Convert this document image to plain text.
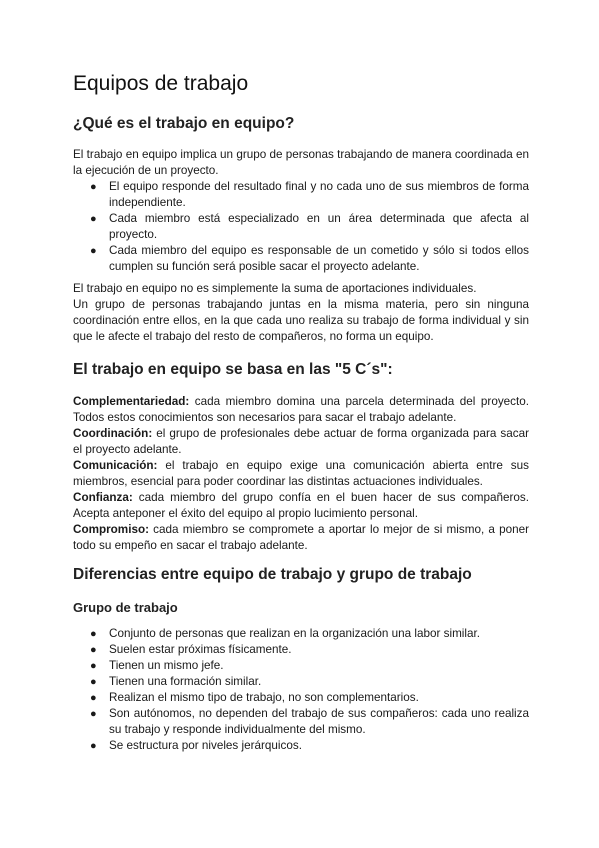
Equipos de trabajo
¿Qué es el trabajo en equipo?

El trabajo en equipo implica un grupo de personas trabajando de manera coordinada en la ejecución de un proyecto.

● El equipo responde del resultado final y no cada uno de sus miembros de forma independiente.
● Cada miembro está especializado en un área determinada que afecta al proyecto.
● Cada miembro del equipo es responsable de un cometido y sólo si todos ellos cumplen su función será posible sacar el proyecto adelante.

El trabajo en equipo no es simplemente la suma de aportaciones individuales.

Un grupo de personas trabajando juntas en la misma materia, pero sin ninguna coordinación entre ellos, en la que cada uno realiza su trabajo de forma individual y sin que le afecte el trabajo del resto de compañeros, no forma un equipo.

El trabajo en equipo se basa en las "5 C´s":

Complementariedad: cada miembro domina una parcela determinada del proyecto. Todos estos conocimientos son necesarios para sacar el trabajo adelante.

Coordinación: el grupo de profesionales debe actuar de forma organizada para sacar el proyecto adelante.

Comunicación: el trabajo en equipo exige una comunicación abierta entre sus miembros, esencial para poder coordinar las distintas actuaciones individuales.

Confianza: cada miembro del grupo confía en el buen hacer de sus compañeros. Acepta anteponer el éxito del equipo al propio lucimiento personal.

Compromiso: cada miembro se compromete a aportar lo mejor de si mismo, a poner todo su empeño en sacar el trabajo adelante.

Diferencias entre equipo de trabajo y grupo de trabajo
Grupo de trabajo
● Conjunto de personas que realizan en la organización una labor similar.
● Suelen estar próximas físicamente.
● Tienen un mismo jefe.
● Tienen una formación similar.
● Realizan el mismo tipo de trabajo, no son complementarios.
● Son autónomos, no dependen del trabajo de sus compañeros: cada uno realiza su trabajo y responde individualmente del mismo.
● Se estructura por niveles jerárquicos.
